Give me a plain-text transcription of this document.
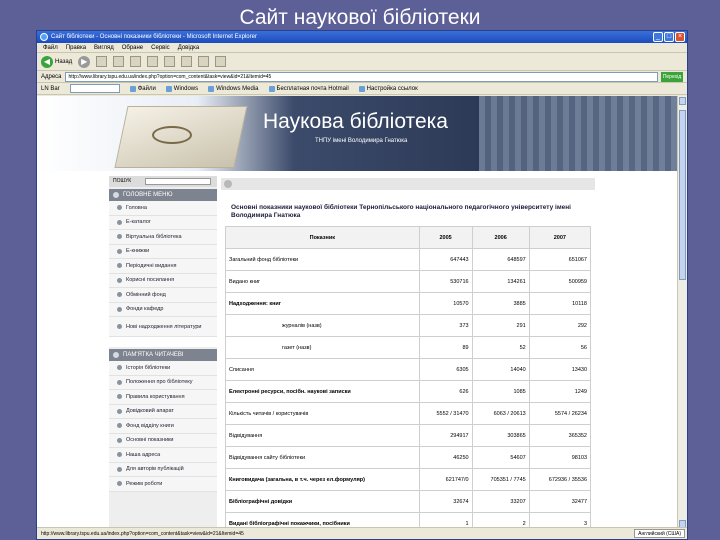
Сайт наукової бібліотеки
Сайт бібліотеки - Основні показники бібліотеки - Microsoft Internet Explorer	_ □ ×
Файл Правка Вигляд Обране Сервіс Довідка
◀ Назад	▶
Адреса	http://www.library.tspu.edu.ua/index.php?option=com_content&task=view&id=21&Itemid=45	Перехід
LN Bar	Файли	Windows	Windows Media	Бесплатная почта Hotmail	Настройка ссылок
Наукова бібліотека
ТНПУ імені Володимира Гнатюка
ПОШУК
ГОЛОВНЕ МЕНЮ
Головна
Е-каталог
Віртуальна бібліотека
Е-книжки
Періодичні видання
Корисні посилання
Обмінний фонд
Фонди кафедр
Нові надходження літератури
ПАМ'ЯТКА ЧИТАЧЕВІ
Історія бібліотеки
Положення про бібліотеку
Правила користування
Довідковий апарат
Фонд відділу книги
Основні показники
Наша адреса
Для авторів публікацій
Режим роботи
Основні показники наукової бібліотеки Тернопільського національного педагогічного університету імені Володимира Гнатюка
Показник	2005	2006	2007
Загальний фонд бібліотеки	647443	648597	651067
Видано книг	530716	134261	500959
Надходження: книг	10570	3885	10118
журналів (назв)	373	291	292
газет (назв)	89	52	56
Списання	6305	14040	13430
Електронні ресурси, посібн. наукові записки	626	1085	1249
Кількість читачів / користувачів	5552 / 31470	6063 / 20613	5574 / 26234
Відвідування	294917	303865	365352
Відвідування сайту бібліотеки	46250	54607	98103
Книговидача (загальна, в т.ч. через ел.формуляр)	621747/0	705351 / 7745	672936 / 35536
Бібліографічні довідки	32674	33207	32477
Видані бібліографічні покажчики, посібники	1	2	3
http://www.library.tspu.edu.ua/index.php?option=com_content&task=view&id=21&Itemid=45	Английский (США)
